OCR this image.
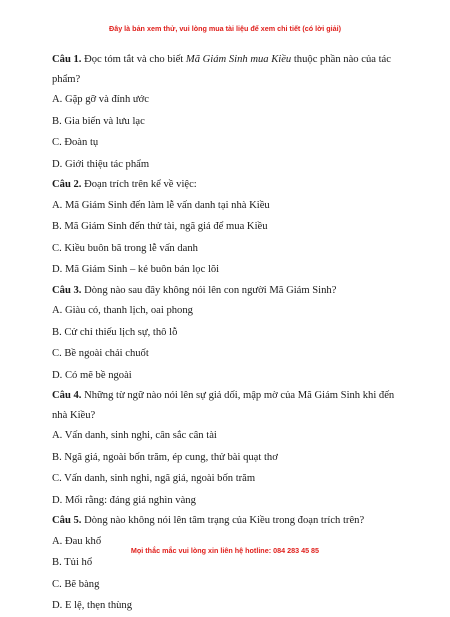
Đây là bản xem thử, vui lòng mua tài liệu để xem chi tiết (có lời giải)

Câu 1. Đọc tóm tắt và cho biết Mã Giám Sinh mua Kiều thuộc phần nào của tác phẩm?

A. Gặp gỡ và đính ước

B. Gia biến và lưu lạc

C. Đoàn tụ

D. Giới thiệu tác phẩm

Câu 2. Đoạn trích trên kể về việc:

A. Mã Giám Sinh đến làm lễ vấn danh tại nhà Kiều

B. Mã Giám Sinh đến thử tài, ngã giá để mua Kiều

C. Kiều buôn bã trong lễ vấn danh

D. Mã Giám Sinh – kẻ buôn bán lọc lõi

Câu 3. Dòng nào sau đây không nói lên con người Mã Giám Sinh?

A. Giàu có, thanh lịch, oai phong

B. Cử chỉ thiếu lịch sự, thô lỗ

C. Bề ngoài chải chuốt

D. Có mẽ bề ngoài

Câu 4. Những từ ngữ nào nói lên sự giả dối, mập mờ của Mã Giám Sinh khi đến nhà Kiều?

A. Vấn danh, sinh nghi, cân sắc cân tài

B. Ngã giá, ngoài bốn trăm, ép cung, thử bài quạt thơ

C. Vấn danh, sinh nghi, ngã giá, ngoài bốn trăm

D. Mối rằng: đáng giá nghìn vàng

Câu 5. Dòng nào không nói lên tâm trạng của Kiều trong đoạn trích trên?

A. Đau khổ

B. Tủi hổ

C. Bẽ bàng

D. E lệ, thẹn thùng

Mọi thắc mắc vui lòng xin liên hệ hotline: 084 283 45 85
